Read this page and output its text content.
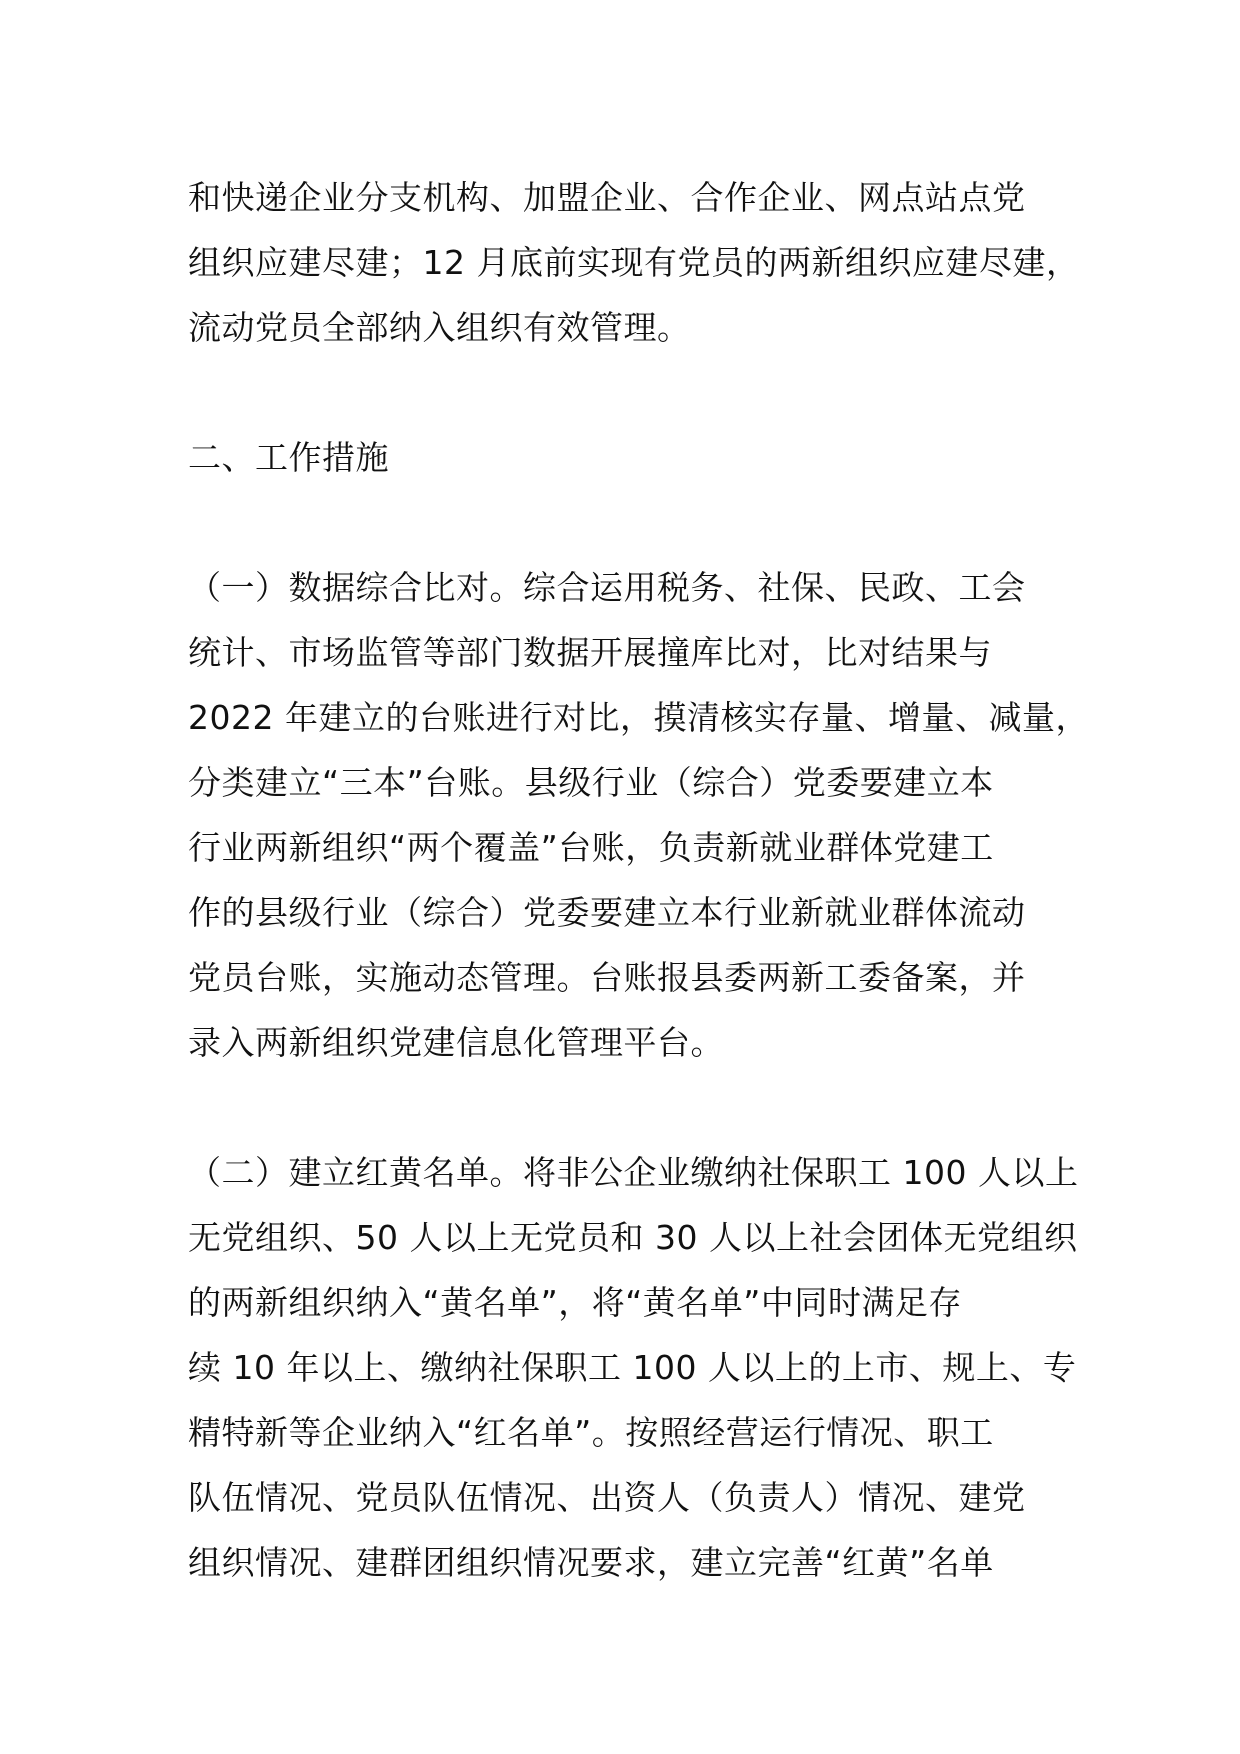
和快递企业分支机构、加盟企业、合作企业、网点站点党
组织应建尽建；12 月底前实现有党员的两新组织应建尽建，
流动党员全部纳入组织有效管理。
二、工作措施
（一）数据综合比对。综合运用税务、社保、民政、工会
统计、市场监管等部门数据开展撞库比对，比对结果与
2022 年建立的台账进行对比，摸清核实存量、增量、减量，
分类建立“三本”台账。县级行业（综合）党委要建立本
行业两新组织“两个覆盖”台账，负责新就业群体党建工
作的县级行业（综合）党委要建立本行业新就业群体流动
党员台账，实施动态管理。台账报县委两新工委备案，并
录入两新组织党建信息化管理平台。
（二）建立红黄名单。将非公企业缴纳社保职工 100 人以上
无党组织、50 人以上无党员和 30 人以上社会团体无党组织
的两新组织纳入“黄名单”，将“黄名单”中同时满足存
续 10 年以上、缴纳社保职工 100 人以上的上市、规上、专
精特新等企业纳入“红名单”。按照经营运行情况、职工
队伍情况、党员队伍情况、出资人（负责人）情况、建党
组织情况、建群团组织情况要求，建立完善“红黄”名单
